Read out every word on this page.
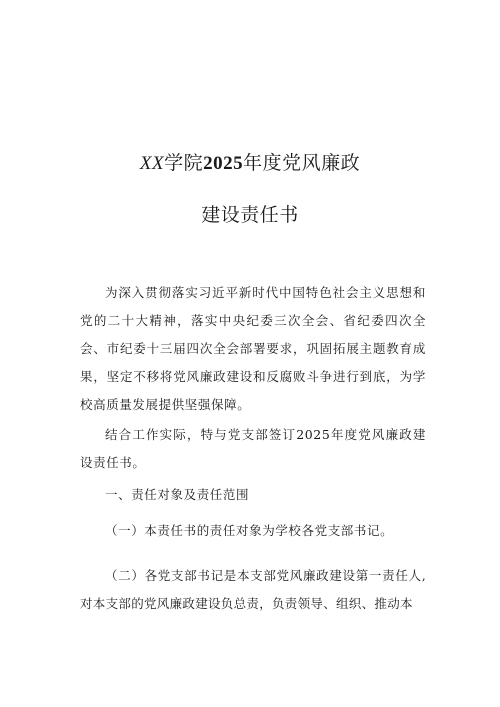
XX学院2025年度党风廉政
建设责任书

为深入贯彻落实习近平新时代中国特色社会主义思想和党的二十大精神，落实中央纪委三次全会、省纪委四次全会、市纪委十三届四次全会部署要求，巩固拓展主题教育成果，坚定不移将党风廉政建设和反腐败斗争进行到底，为学校高质量发展提供坚强保障。

结合工作实际，特与党支部签订2025年度党风廉政建设责任书。

一、责任对象及责任范围

（一）本责任书的责任对象为学校各党支部书记。

（二）各党支部书记是本支部党风廉政建设第一责任人,对本支部的党风廉政建设负总责，负责领导、组织、推动本
